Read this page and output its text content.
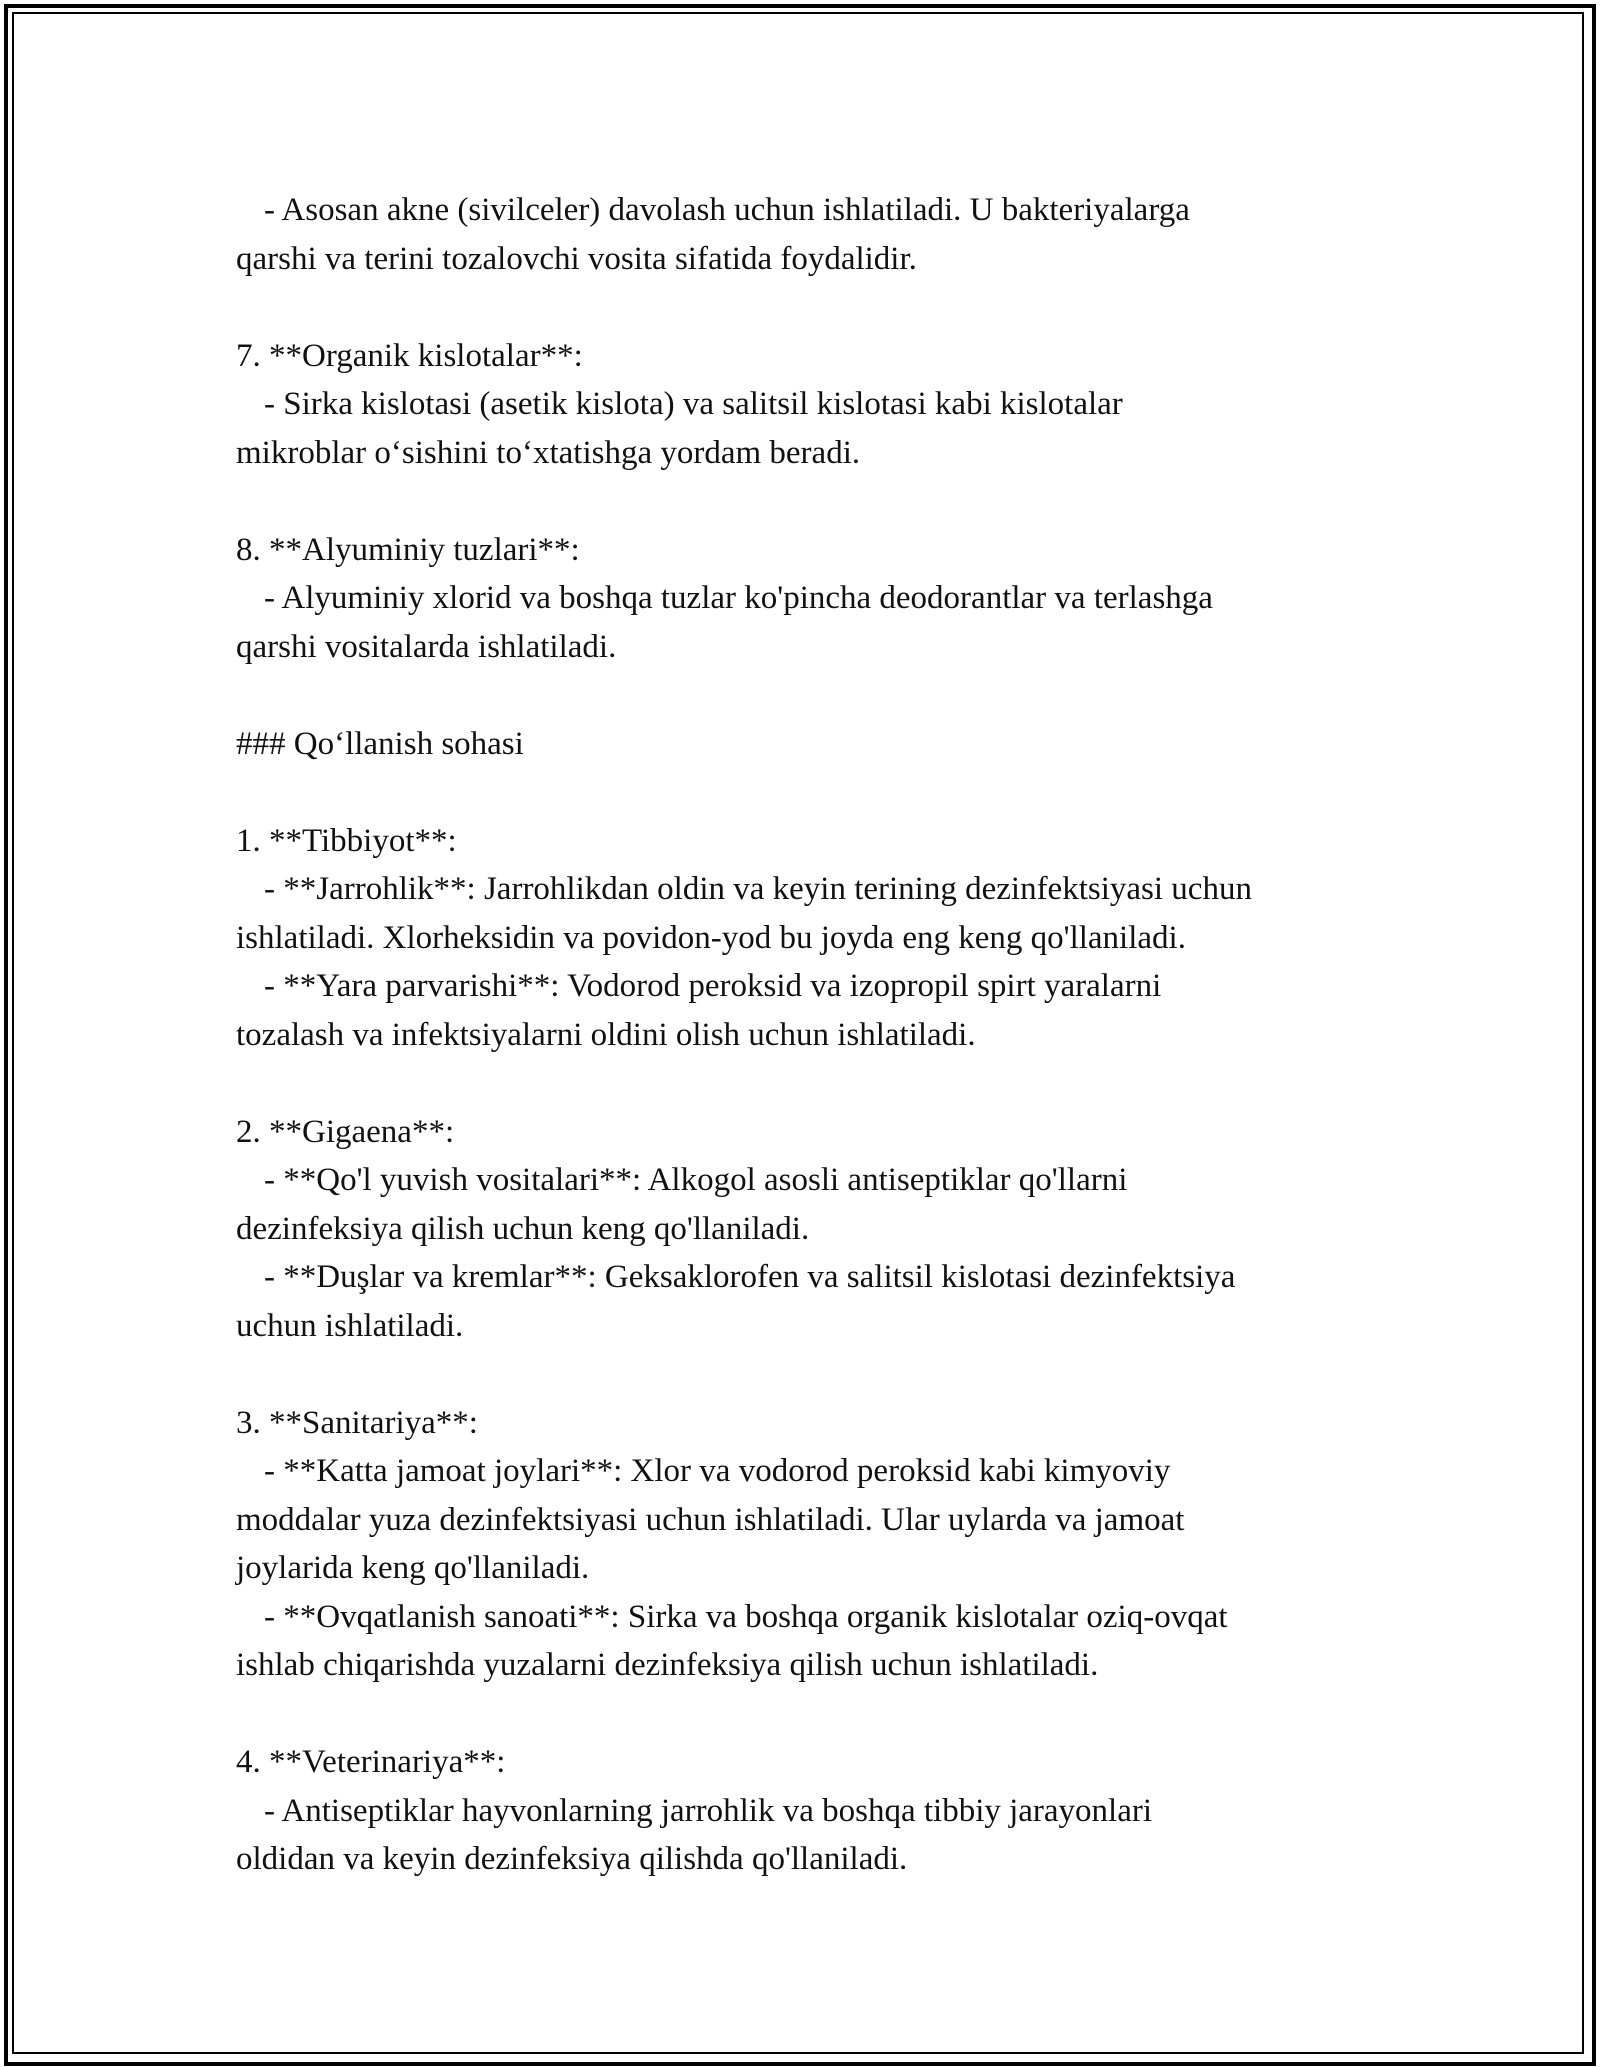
- Asosan akne (sivilceler) davolash uchun ishlatiladi. U bakteriyalarga
qarshi va terini tozalovchi vosita sifatida foydalidir.
7. **Organik kislotalar**:
- Sirka kislotasi (asetik kislota) va salitsil kislotasi kabi kislotalar
mikroblar o‘sishini to‘xtatishga yordam beradi.
8. **Alyuminiy tuzlari**:
- Alyuminiy xlorid va boshqa tuzlar ko'pincha deodorantlar va terlashga
qarshi vositalarda ishlatiladi.
### Qo‘llanish sohasi
1. **Tibbiyot**:
- **Jarrohlik**: Jarrohlikdan oldin va keyin terining dezinfektsiyasi uchun
ishlatiladi. Xlorheksidin va povidon-yod bu joyda eng keng qo'llaniladi.
- **Yara parvarishi**: Vodorod peroksid va izopropil spirt yaralarni
tozalash va infektsiyalarni oldini olish uchun ishlatiladi.
2. **Gigaena**:
- **Qo'l yuvish vositalari**: Alkogol asosli antiseptiklar qo'llarni
dezinfeksiya qilish uchun keng qo'llaniladi.
- **Duşlar va kremlar**: Geksaklorofen va salitsil kislotasi dezinfektsiya
uchun ishlatiladi.
3. **Sanitariya**:
- **Katta jamoat joylari**: Xlor va vodorod peroksid kabi kimyoviy
moddalar yuza dezinfektsiyasi uchun ishlatiladi. Ular uylarda va jamoat
joylarida keng qo'llaniladi.
- **Ovqatlanish sanoati**: Sirka va boshqa organik kislotalar oziq-ovqat
ishlab chiqarishda yuzalarni dezinfeksiya qilish uchun ishlatiladi.
4. **Veterinariya**:
- Antiseptiklar hayvonlarning jarrohlik va boshqa tibbiy jarayonlari
oldidan va keyin dezinfeksiya qilishda qo'llaniladi.
